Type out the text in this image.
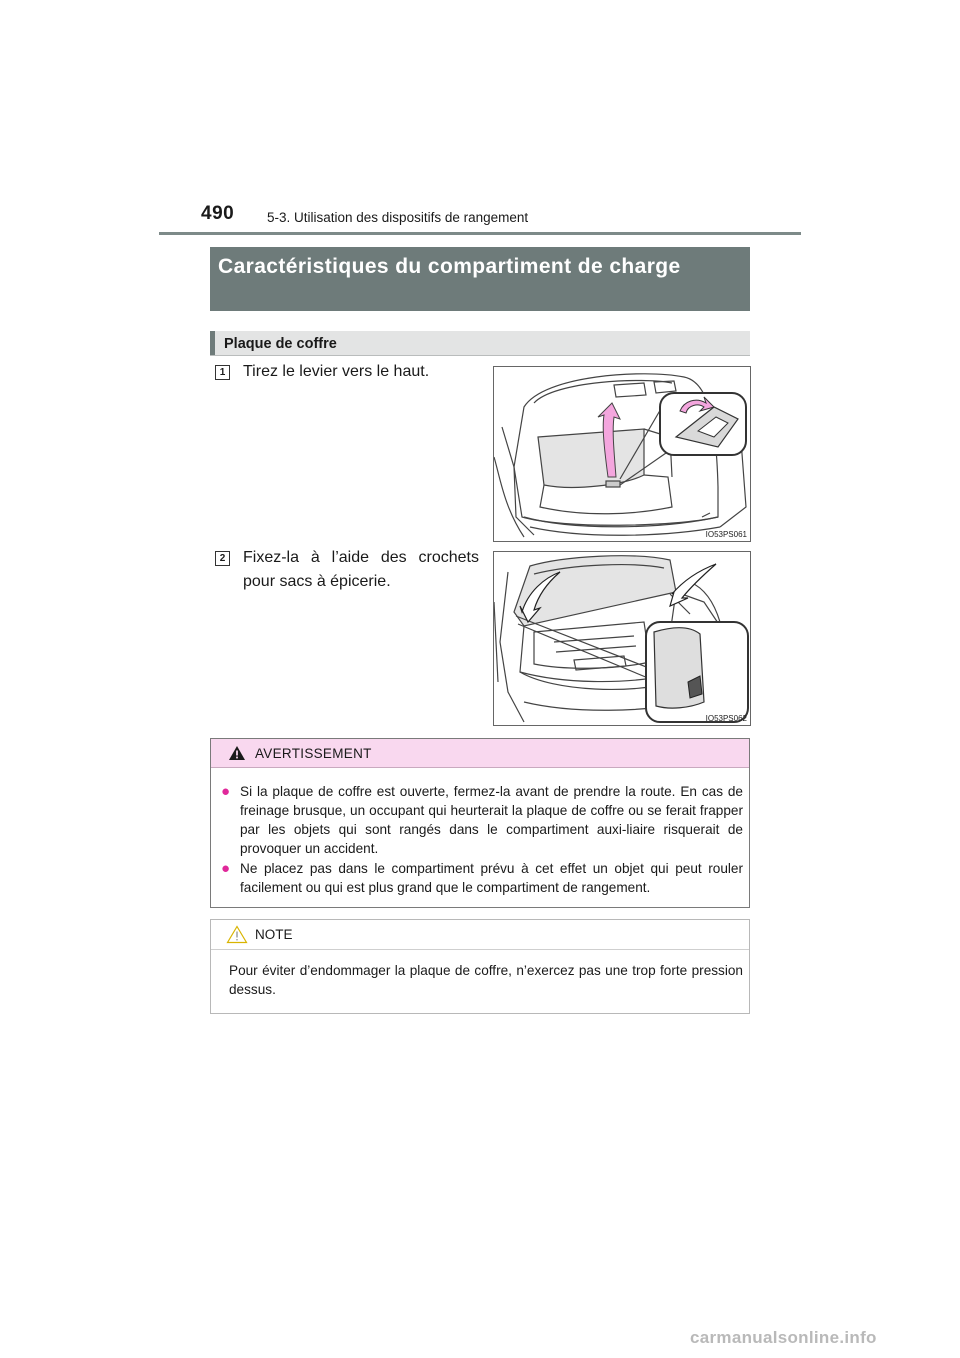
490 5-3. Utilisation des dispositifs de rangement
Caractéristiques du compartiment de charge
Plaque de coffre
1 Tirez le levier vers le haut.
IO53PS061
2 Fixez-la à l’aide des crochets pour sacs à épicerie.
IO53PS062
AVERTISSEMENT
● Si la plaque de coffre est ouverte, fermez-la avant de prendre la route. En cas de freinage brusque, un occupant qui heurterait la plaque de coffre ou se ferait frapper par les objets qui sont rangés dans le compartiment auxi-liaire risquerait de provoquer un accident.
● Ne placez pas dans le compartiment prévu à cet effet un objet qui peut rouler facilement ou qui est plus grand que le compartiment de rangement.
NOTE
Pour éviter d’endommager la plaque de coffre, n’exercez pas une trop forte pression dessus.
carmanualsonline.info
